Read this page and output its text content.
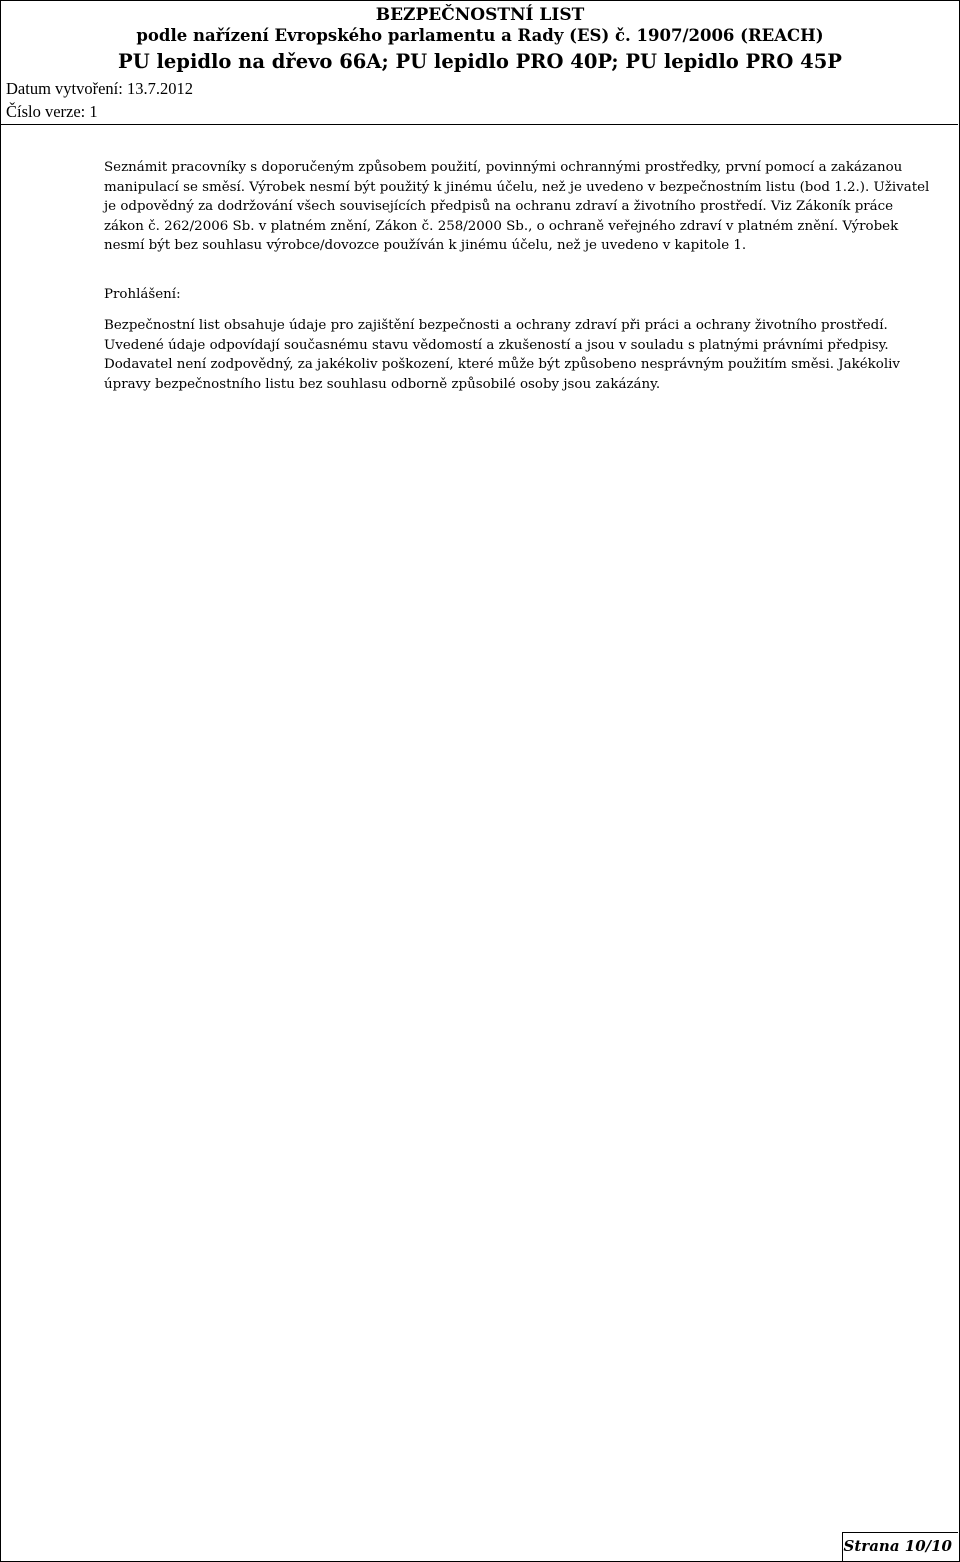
BEZPEČNOSTNÍ LIST
podle nařízení Evropského parlamentu a Rady (ES) č. 1907/2006 (REACH)
PU lepidlo na dřevo 66A; PU lepidlo PRO 40P; PU lepidlo PRO 45P
Datum vytvoření: 13.7.2012
Číslo verze: 1

Seznámit pracovníky s doporučeným způsobem použití, povinnými ochrannými prostředky, první pomocí a zakázanou
manipulací se směsí. Výrobek nesmí být použitý k jinému účelu, než je uvedeno v bezpečnostním listu (bod 1.2.). Uživatel
je odpovědný za dodržování všech souvisejících předpisů na ochranu zdraví a životního prostředí. Viz Zákoník práce
zákon č. 262/2006 Sb. v platném znění, Zákon č. 258/2000 Sb., o ochraně veřejného zdraví v platném znění. Výrobek
nesmí být bez souhlasu výrobce/dovozce používán k jinému účelu, než je uvedeno v kapitole 1.

Prohlášení:

Bezpečnostní list obsahuje údaje pro zajištění bezpečnosti a ochrany zdraví při práci a ochrany životního prostředí.
Uvedené údaje odpovídají současnému stavu vědomostí a zkušeností a jsou v souladu s platnými právními předpisy.
Dodavatel není zodpovědný, za jakékoliv poškození, které může být způsobeno nesprávným použitím směsi. Jakékoliv
úpravy bezpečnostního listu bez souhlasu odborně způsobilé osoby jsou zakázány.

Strana 10/10
